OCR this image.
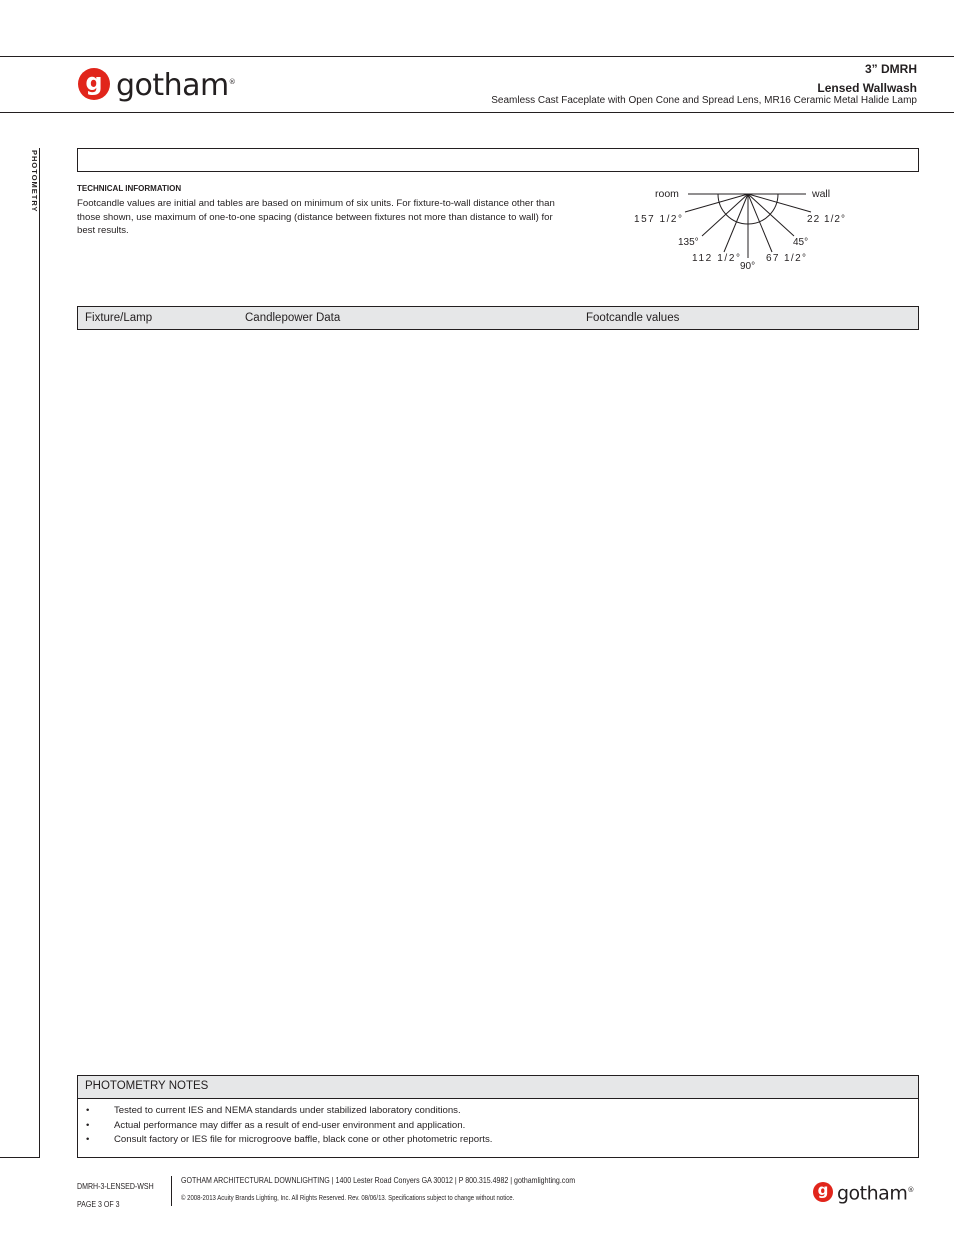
g gotham®
3” DMRH
Lensed Wallwash
Seamless Cast Faceplate with Open Cone and Spread Lens, MR16 Ceramic Metal Halide Lamp
PHOTOMETRY	TECHNICAL INFORMATION
Footcandle values are initial and tables are based on minimum of six units. For fixture-to-wall distance other than those shown, use maximum of one-to-one spacing (distance between fixtures not more than distance to wall) for best results.
room	wall
157 1/2°
135°
112 1/2°
90°
67 1/2°
45°
22 1/2°
Fixture/Lamp	Candlepower Data	Footcandle values
PHOTOMETRY NOTES
•	Tested to current IES and NEMA standards under stabilized laboratory conditions.
•	Actual performance may differ as a result of end-user environment and application.
•	Consult factory or IES file for microgroove baffle, black cone or other photometric reports.
DMRH-3-LENSED-WSH
PAGE 3 OF 3
GOTHAM ARCHITECTURAL DOWNLIGHTING | 1400 Lester Road Conyers GA 30012 | P 800.315.4982 | gothamlighting.com
© 2008-2013 Acuity Brands Lighting, Inc. All Rights Reserved. Rev. 08/06/13. Specifications subject to change without notice.	g gotham®
